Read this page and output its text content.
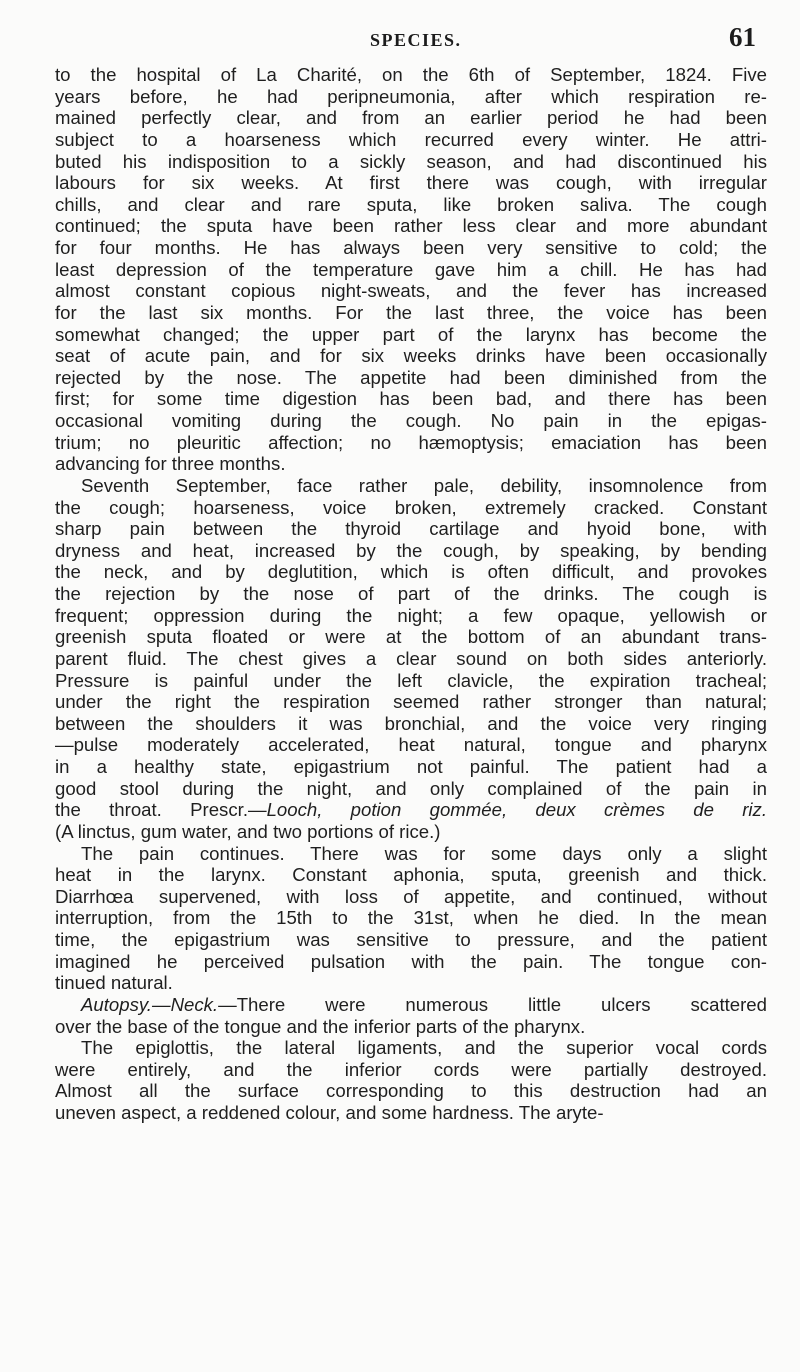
SPECIES.	61
to the hospital of La Charité, on the 6th of September, 1824. Five
years before, he had peripneumonia, after which respiration re-
mained perfectly clear, and from an earlier period he had been
subject to a hoarseness which recurred every winter. He attri-
buted his indisposition to a sickly season, and had discontinued his
labours for six weeks. At first there was cough, with irregular
chills, and clear and rare sputa, like broken saliva. The cough
continued; the sputa have been rather less clear and more abundant
for four months. He has always been very sensitive to cold; the
least depression of the temperature gave him a chill. He has had
almost constant copious night-sweats, and the fever has increased
for the last six months. For the last three, the voice has been
somewhat changed; the upper part of the larynx has become the
seat of acute pain, and for six weeks drinks have been occasionally
rejected by the nose. The appetite had been diminished from the
first; for some time digestion has been bad, and there has been
occasional vomiting during the cough. No pain in the epigas-
trium; no pleuritic affection; no hæmoptysis; emaciation has been
advancing for three months.
Seventh September, face rather pale, debility, insomnolence from
the cough; hoarseness, voice broken, extremely cracked. Constant
sharp pain between the thyroid cartilage and hyoid bone, with
dryness and heat, increased by the cough, by speaking, by bending
the neck, and by deglutition, which is often difficult, and provokes
the rejection by the nose of part of the drinks. The cough is
frequent; oppression during the night; a few opaque, yellowish or
greenish sputa floated or were at the bottom of an abundant trans-
parent fluid. The chest gives a clear sound on both sides anteriorly.
Pressure is painful under the left clavicle, the expiration tracheal;
under the right the respiration seemed rather stronger than natural;
between the shoulders it was bronchial, and the voice very ringing
—pulse moderately accelerated, heat natural, tongue and pharynx
in a healthy state, epigastrium not painful. The patient had a
good stool during the night, and only complained of the pain in
the throat. Prescr.—Looch, potion gommée, deux crèmes de riz.
(A linctus, gum water, and two portions of rice.)
The pain continues. There was for some days only a slight
heat in the larynx. Constant aphonia, sputa, greenish and thick.
Diarrhœa supervened, with loss of appetite, and continued, without
interruption, from the 15th to the 31st, when he died. In the mean
time, the epigastrium was sensitive to pressure, and the patient
imagined he perceived pulsation with the pain. The tongue con-
tinued natural.
Autopsy.—Neck.—There were numerous little ulcers scattered
over the base of the tongue and the inferior parts of the pharynx.
The epiglottis, the lateral ligaments, and the superior vocal cords
were entirely, and the inferior cords were partially destroyed.
Almost all the surface corresponding to this destruction had an
uneven aspect, a reddened colour, and some hardness. The aryte-
